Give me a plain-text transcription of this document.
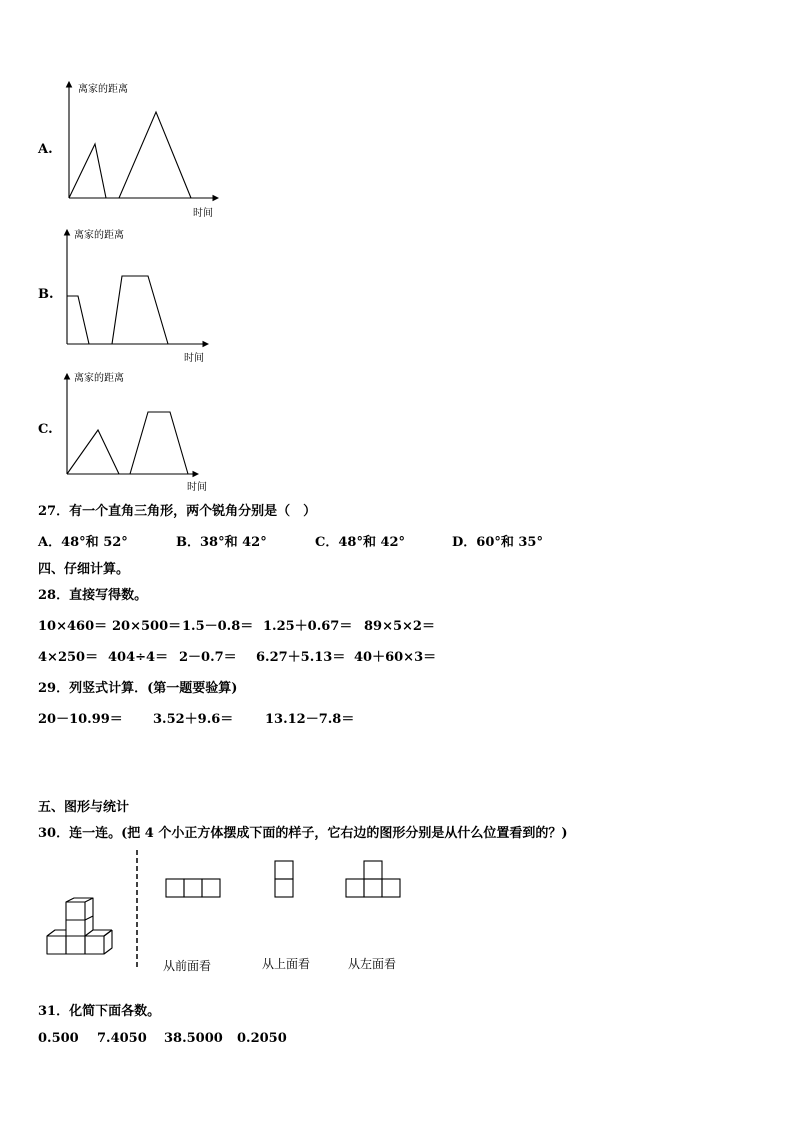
A.
离家的距离
时间
B.
离家的距离
时间
C.
离家的距离
时间
27．有一个直角三角形，两个锐角分别是（　）
A．48°和 52°	B．38°和 42°	C．48°和 42°	D．60°和 35°
四、仔细计算。
28．直接写得数。
10×460＝ 20×500＝ 1.5－0.8＝ 1.25＋0.67＝ 89×5×2＝
4×250＝ 404÷4＝ 2－0.7＝ 6.27＋5.13＝ 40＋60×3＝
29．列竖式计算．(第一题要验算)
20－10.99＝ 3.52＋9.6＝ 13.12－7.8＝
五、图形与统计
30．连一连。(把 4 个小正方体摆成下面的样子，它右边的图形分别是从什么位置看到的？)
从前面看	从上面看	从左面看
31．化简下面各数。
0.500 7.4050 38.5000 0.2050
